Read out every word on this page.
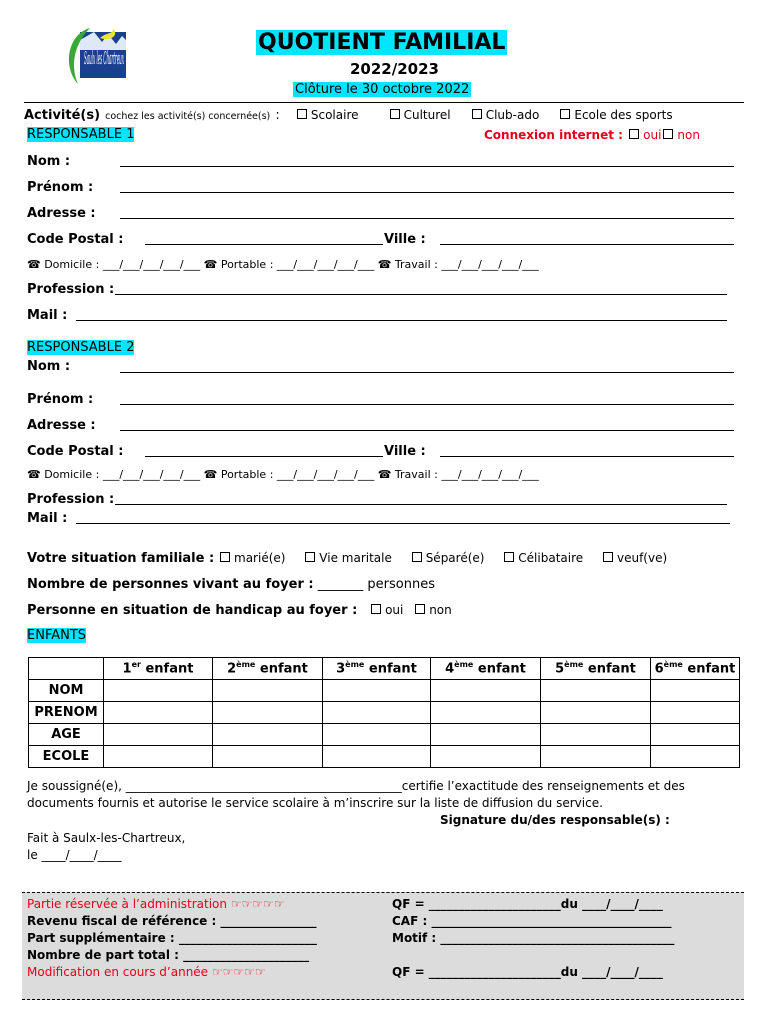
Saulx les Chartreux
QUOTIENT FAMILIAL
2022/2023
Clôture le 30 octobre 2022
Activité(s) cochez les activité(s) concernée(s) :	Scolaire	Culturel	Club-ado	Ecole des sports
RESPONSABLE 1	Connexion internet : oui non
Nom :
Prénom :
Adresse :
Code Postal :	Ville :
☎ Domicile : ___/___/___/___/___ ☎ Portable : ___/___/___/___/___ ☎ Travail : ___/___/___/___/___
Profession :
Mail :
RESPONSABLE 2
Nom :
Prénom :
Adresse :
Code Postal :	Ville :
☎ Domicile : ___/___/___/___/___ ☎ Portable : ___/___/___/___/___ ☎ Travail : ___/___/___/___/___
Profession :
Mail :
Votre situation familiale : marié(e)	Vie maritale	Séparé(e)	Célibataire	veuf(ve)
Nombre de personnes vivant au foyer : _______ personnes
Personne en situation de handicap au foyer : oui non
ENFANTS
	1er enfant	2ème enfant	3ème enfant	4ème enfant	5ème enfant	6ème enfant
NOM						
PRENOM						
AGE						
ECOLE						
Je soussigné(e), ______________________________________________certifie l’exactitude des renseignements et des
documents fournis et autorise le service scolaire à m’inscrire sur la liste de diffusion du service.
Signature du/des responsable(s) :
Fait à Saulx-les-Chartreux,
le ____/____/____
Partie réservée à l’administration ☞☞☞☞☞
Revenu fiscal de référence : ________________
Part supplémentaire : _______________________
Nombre de part total : _____________________
Modification en cours d’année ☞☞☞☞☞
QF = ______________________du ____/____/____
CAF : ________________________________________
Motif : _______________________________________
QF = ______________________du ____/____/____
